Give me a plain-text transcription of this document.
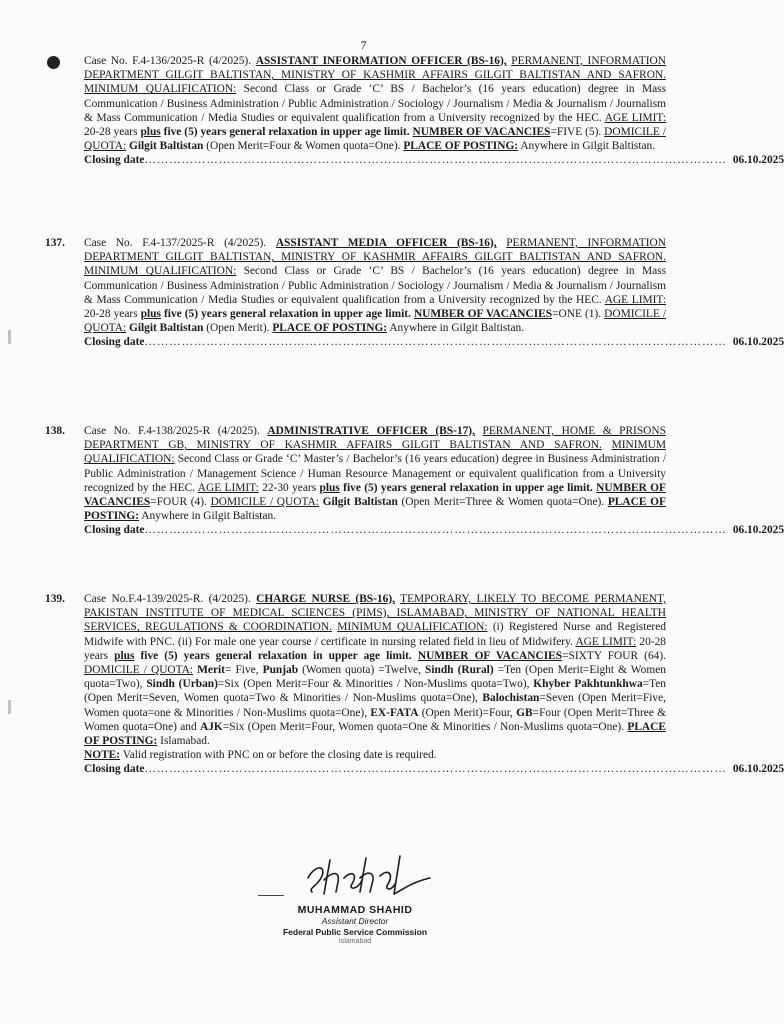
7
Case No. F.4-136/2025-R (4/2025). ASSISTANT INFORMATION OFFICER (BS-16), PERMANENT, INFORMATION DEPARTMENT GILGIT BALTISTAN, MINISTRY OF KASHMIR AFFAIRS GILGIT BALTISTAN AND SAFRON. MINIMUM QUALIFICATION: Second Class or Grade ‘C’ BS / Bachelor’s (16 years education) degree in Mass Communication / Business Administration / Public Administration / Sociology / Journalism / Media & Journalism / Journalism & Mass Communication / Media Studies or equivalent qualification from a University recognized by the HEC. AGE LIMIT: 20-28 years plus five (5) years general relaxation in upper age limit. NUMBER OF VACANCIES=FIVE (5). DOMICILE / QUOTA: Gilgit Baltistan (Open Merit=Four & Women quota=One). PLACE OF POSTING: Anywhere in Gilgit Baltistan.
Closing date …………………………………………………………………………………………………………………………… 06.10.2025
137.	Case No. F.4-137/2025-R (4/2025). ASSISTANT MEDIA OFFICER (BS-16), PERMANENT, INFORMATION DEPARTMENT GILGIT BALTISTAN, MINISTRY OF KASHMIR AFFAIRS GILGIT BALTISTAN AND SAFRON. MINIMUM QUALIFICATION: Second Class or Grade ‘C’ BS / Bachelor’s (16 years education) degree in Mass Communication / Business Administration / Public Administration / Sociology / Journalism / Media & Journalism / Journalism & Mass Communication / Media Studies or equivalent qualification from a University recognized by the HEC. AGE LIMIT: 20-28 years plus five (5) years general relaxation in upper age limit. NUMBER OF VACANCIES=ONE (1). DOMICILE / QUOTA: Gilgit Baltistan (Open Merit). PLACE OF POSTING: Anywhere in Gilgit Baltistan.
Closing date …………………………………………………………………………………………………………………………… 06.10.2025
138.	Case No. F.4-138/2025-R (4/2025). ADMINISTRATIVE OFFICER (BS-17), PERMANENT, HOME & PRISONS DEPARTMENT GB, MINISTRY OF KASHMIR AFFAIRS GILGIT BALTISTAN AND SAFRON. MINIMUM QUALIFICATION: Second Class or Grade ‘C’ Master’s / Bachelor’s (16 years education) degree in Business Administration / Public Administration / Management Science / Human Resource Management or equivalent qualification from a University recognized by the HEC. AGE LIMIT: 22-30 years plus five (5) years general relaxation in upper age limit. NUMBER OF VACANCIES=FOUR (4). DOMICILE / QUOTA: Gilgit Baltistan (Open Merit=Three & Women quota=One). PLACE OF POSTING: Anywhere in Gilgit Baltistan.
Closing date …………………………………………………………………………………………………………………………… 06.10.2025
139.	Case No.F.4-139/2025-R. (4/2025). CHARGE NURSE (BS-16), TEMPORARY, LIKELY TO BECOME PERMANENT, PAKISTAN INSTITUTE OF MEDICAL SCIENCES (PIMS), ISLAMABAD, MINISTRY OF NATIONAL HEALTH SERVICES, REGULATIONS & COORDINATION. MINIMUM QUALIFICATION: (i) Registered Nurse and Registered Midwife with PNC. (ii) For male one year course / certificate in nursing related field in lieu of Midwifery. AGE LIMIT: 20-28 years plus five (5) years general relaxation in upper age limit. NUMBER OF VACANCIES=SIXTY FOUR (64). DOMICILE / QUOTA: Merit= Five, Punjab (Women quota) =Twelve, Sindh (Rural) =Ten (Open Merit=Eight & Women quota=Two), Sindh (Urban)=Six (Open Merit=Four & Minorities / Non-Muslims quota=Two), Khyber Pakhtunkhwa=Ten (Open Merit=Seven, Women quota=Two & Minorities / Non-Muslims quota=One), Balochistan=Seven (Open Merit=Five, Women quota=one & Minorities / Non-Muslims quota=One), EX-FATA (Open Merit)=Four, GB=Four (Open Merit=Three & Women quota=One) and AJK=Six (Open Merit=Four, Women quota=One & Minorities / Non-Muslims quota=One). PLACE OF POSTING: Islamabad.
NOTE: Valid registration with PNC on or before the closing date is required.
Closing date …………………………………………………………………………………………………………………………… 06.10.2025
MUHAMMAD SHAHID
Assistant Director
Federal Public Service Commission
Islamabad
